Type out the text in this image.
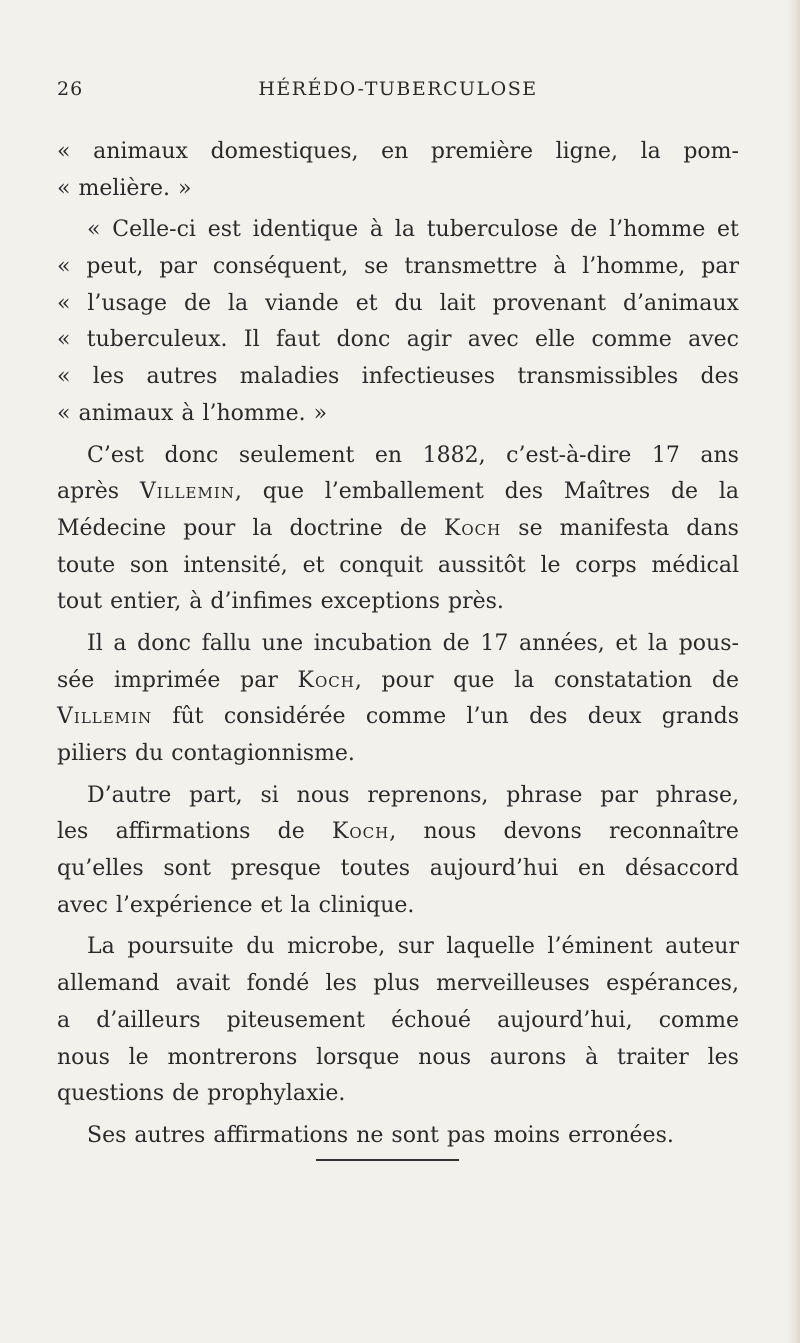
26	HÉRÉDO-TUBERCULOSE
« animaux domestiques, en première ligne, la pom-
« melière. »
« Celle-ci est identique à la tuberculose de l’homme et
« peut, par conséquent, se transmettre à l’homme, par
« l’usage de la viande et du lait provenant d’animaux
« tuberculeux. Il faut donc agir avec elle comme avec
« les autres maladies infectieuses transmissibles des
« animaux à l’homme. »
C’est donc seulement en 1882, c’est-à-dire 17 ans
après Villemin, que l’emballement des Maîtres de la
Médecine pour la doctrine de Koch se manifesta dans
toute son intensité, et conquit aussitôt le corps médical
tout entier, à d’infimes exceptions près.
Il a donc fallu une incubation de 17 années, et la pous-
sée imprimée par Koch, pour que la constatation de
Villemin fût considérée comme l’un des deux grands
piliers du contagionnisme.
D’autre part, si nous reprenons, phrase par phrase,
les affirmations de Koch, nous devons reconnaître
qu’elles sont presque toutes aujourd’hui en désaccord
avec l’expérience et la clinique.
La poursuite du microbe, sur laquelle l’éminent auteur
allemand avait fondé les plus merveilleuses espérances,
a d’ailleurs piteusement échoué aujourd’hui, comme
nous le montrerons lorsque nous aurons à traiter les
questions de prophylaxie.
Ses autres affirmations ne sont pas moins erronées.
